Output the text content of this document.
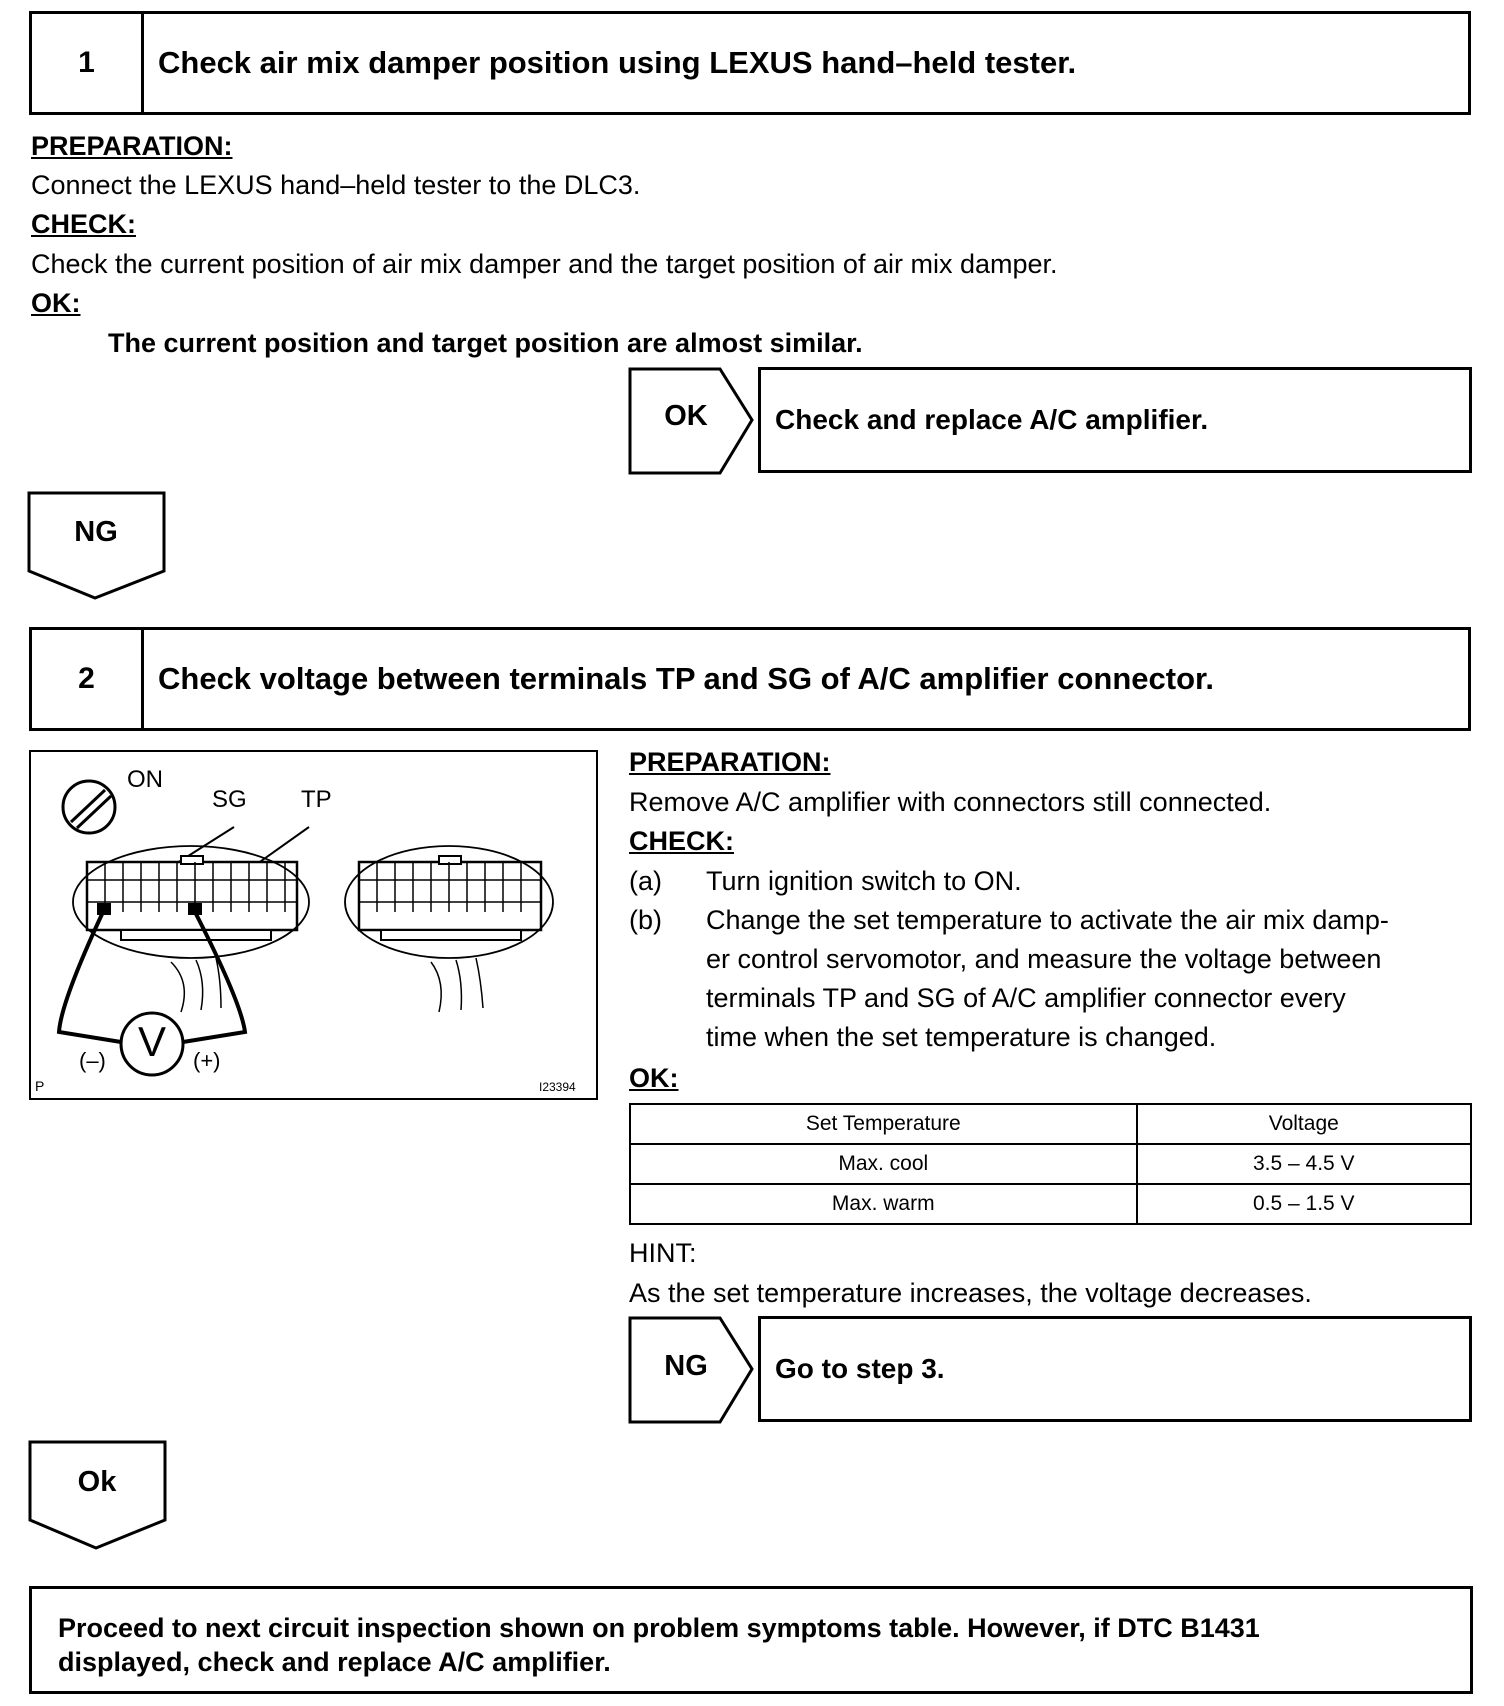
1	Check air mix damper position using LEXUS hand–held tester.
PREPARATION:
Connect the LEXUS hand–held tester to the DLC3.
CHECK:
Check the current position of air mix damper and the target position of air mix damper.
OK:
The current position and target position are almost similar.
OK	Check and replace A/C amplifier.
NG
2	Check voltage between terminals TP and SG of A/C amplifier connector.
V
ON
SG TP
(–)	(+)
P	I23394
PREPARATION:
Remove A/C amplifier with connectors still connected.
CHECK:
(a) Turn ignition switch to ON.
(b) Change the set temperature to activate the air mix damp-
er control servomotor, and measure the voltage between
terminals TP and SG of A/C amplifier connector every
time when the set temperature is changed.
OK:
Set Temperature	Voltage
Max. cool	3.5 – 4.5 V
Max. warm	0.5 – 1.5 V
HINT:
As the set temperature increases, the voltage decreases.
NG	Go to step 3.
Ok
Proceed to next circuit inspection shown on problem symptoms table. However, if DTC B1431
displayed, check and replace A/C amplifier.
